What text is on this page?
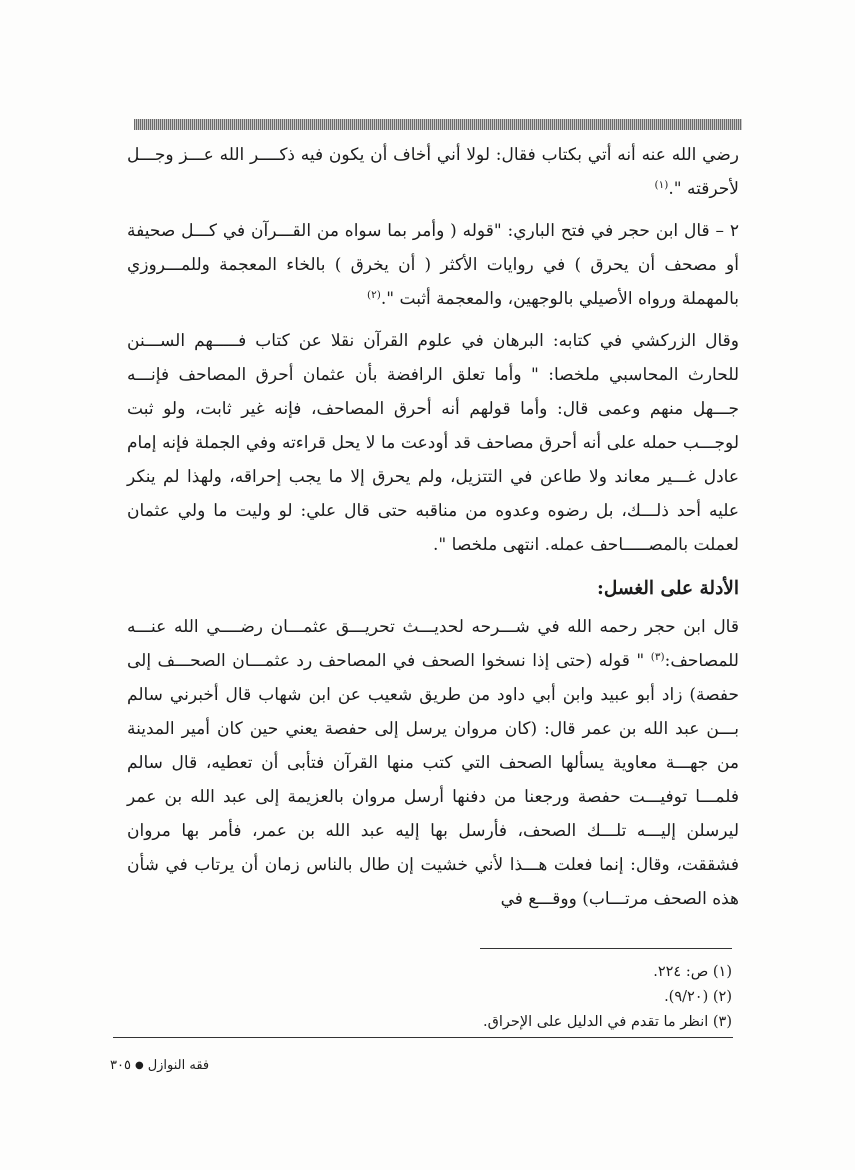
رضي الله عنه أنه أتي بكتاب فقال: لولا أني أخاف أن يكون فيه ذكــــر الله عـــز وجـــل لأحرقته ".$^{(١)}$

٢ – قال ابن حجر في فتح الباري: "قوله ( وأمر بما سواه من القـــرآن في كـــل صحيفة أو مصحف أن يحرق ) في روايات الأكثر ( أن يخرق ) بالخاء المعجمة وللمـــروزي بالمهملة ورواه الأصيلي بالوجهين، والمعجمة أثبت ".$^{(٢)}$

وقال الزركشي في كتابه: البرهان في علوم القرآن نقلا عن كتاب فـــــهم الســـنن للحارث المحاسبي ملخصا: " وأما تعلق الرافضة بأن عثمان أحرق المصاحف فإنـــه جـــهل منهم وعمى قال: وأما قولهم أنه أحرق المصاحف، فإنه غير ثابت، ولو ثبت لوجـــب حمله على أنه أحرق مصاحف قد أودعت ما لا يحل قراءته وفي الجملة فإنه إمام عادل غـــير معاند ولا طاعن في التتزيل، ولم يحرق إلا ما يجب إحراقه، ولهذا لم ينكر عليه أحد ذلـــك، بل رضوه وعدوه من مناقبه حتى قال علي: لو وليت ما ولي عثمان لعملت بالمصـــــاحف عمله. انتهى ملخصا ".

الأدلة على الغسل:

قال ابن حجر رحمه الله في شـــرحه لحديـــث تحريـــق عثمـــان رضــــي الله عنـــه للمصاحف:$^{(٣)}$ " قوله (حتى إذا نسخوا الصحف في المصاحف رد عثمـــان الصحـــف إلى حفصة) زاد أبو عبيد وابن أبي داود من طريق شعيب عن ابن شهاب قال أخبرني سالم بـــن عبد الله بن عمر قال: (كان مروان يرسل إلى حفصة يعني حين كان أمير المدينة من جهـــة معاوية يسألها الصحف التي كتب منها القرآن فتأبى أن تعطيه، قال سالم فلمـــا توفيـــت حفصة ورجعنا من دفنها أرسل مروان بالعزيمة إلى عبد الله بن عمر ليرسلن إليـــه تلـــك الصحف، فأرسل بها إليه عبد الله بن عمر، فأمر بها مروان فشققت، وقال: إنما فعلت هـــذا لأني خشيت إن طال بالناس زمان أن يرتاب في شأن هذه الصحف مرتـــاب) ووقـــع في

(١) ص: ٢٢٤.

(٢) (٩/٢٠).

(٣) انظر ما تقدم في الدليل على الإحراق.

فقه النوازل●٣٠٥
